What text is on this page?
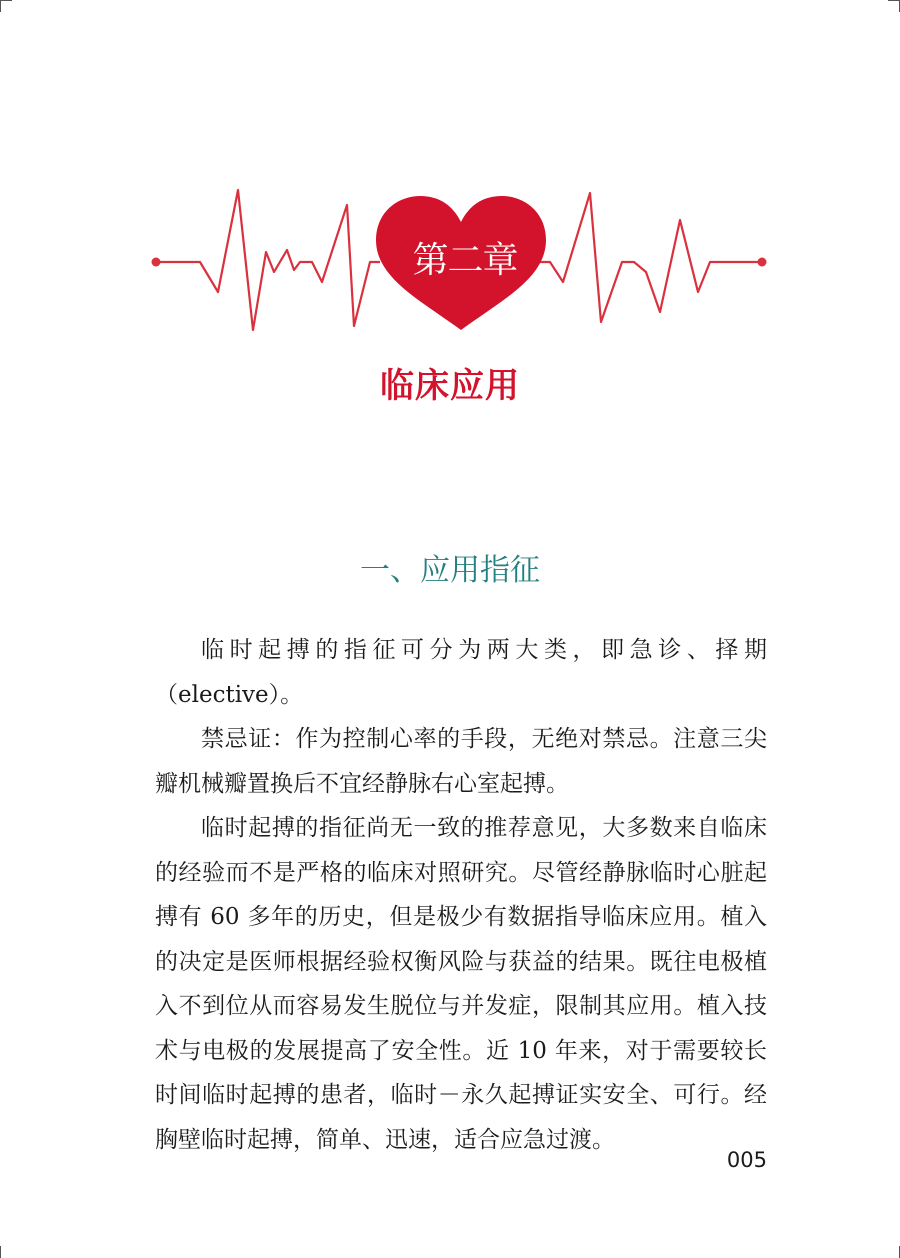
第二章
临床应用
一、应用指征

临时起搏的指征可分为两大类，即急诊、择期（elective）。

禁忌证：作为控制心率的手段，无绝对禁忌。注意三尖瓣机械瓣置换后不宜经静脉右心室起搏。

临时起搏的指征尚无一致的推荐意见，大多数来自临床的经验而不是严格的临床对照研究。尽管经静脉临时心脏起搏有 60 多年的历史，但是极少有数据指导临床应用。植入的决定是医师根据经验权衡风险与获益的结果。既往电极植入不到位从而容易发生脱位与并发症，限制其应用。植入技术与电极的发展提高了安全性。近 10 年来，对于需要较长时间临时起搏的患者，临时－永久起搏证实安全、可行。经胸壁临时起搏，简单、迅速，适合应急过渡。

005
